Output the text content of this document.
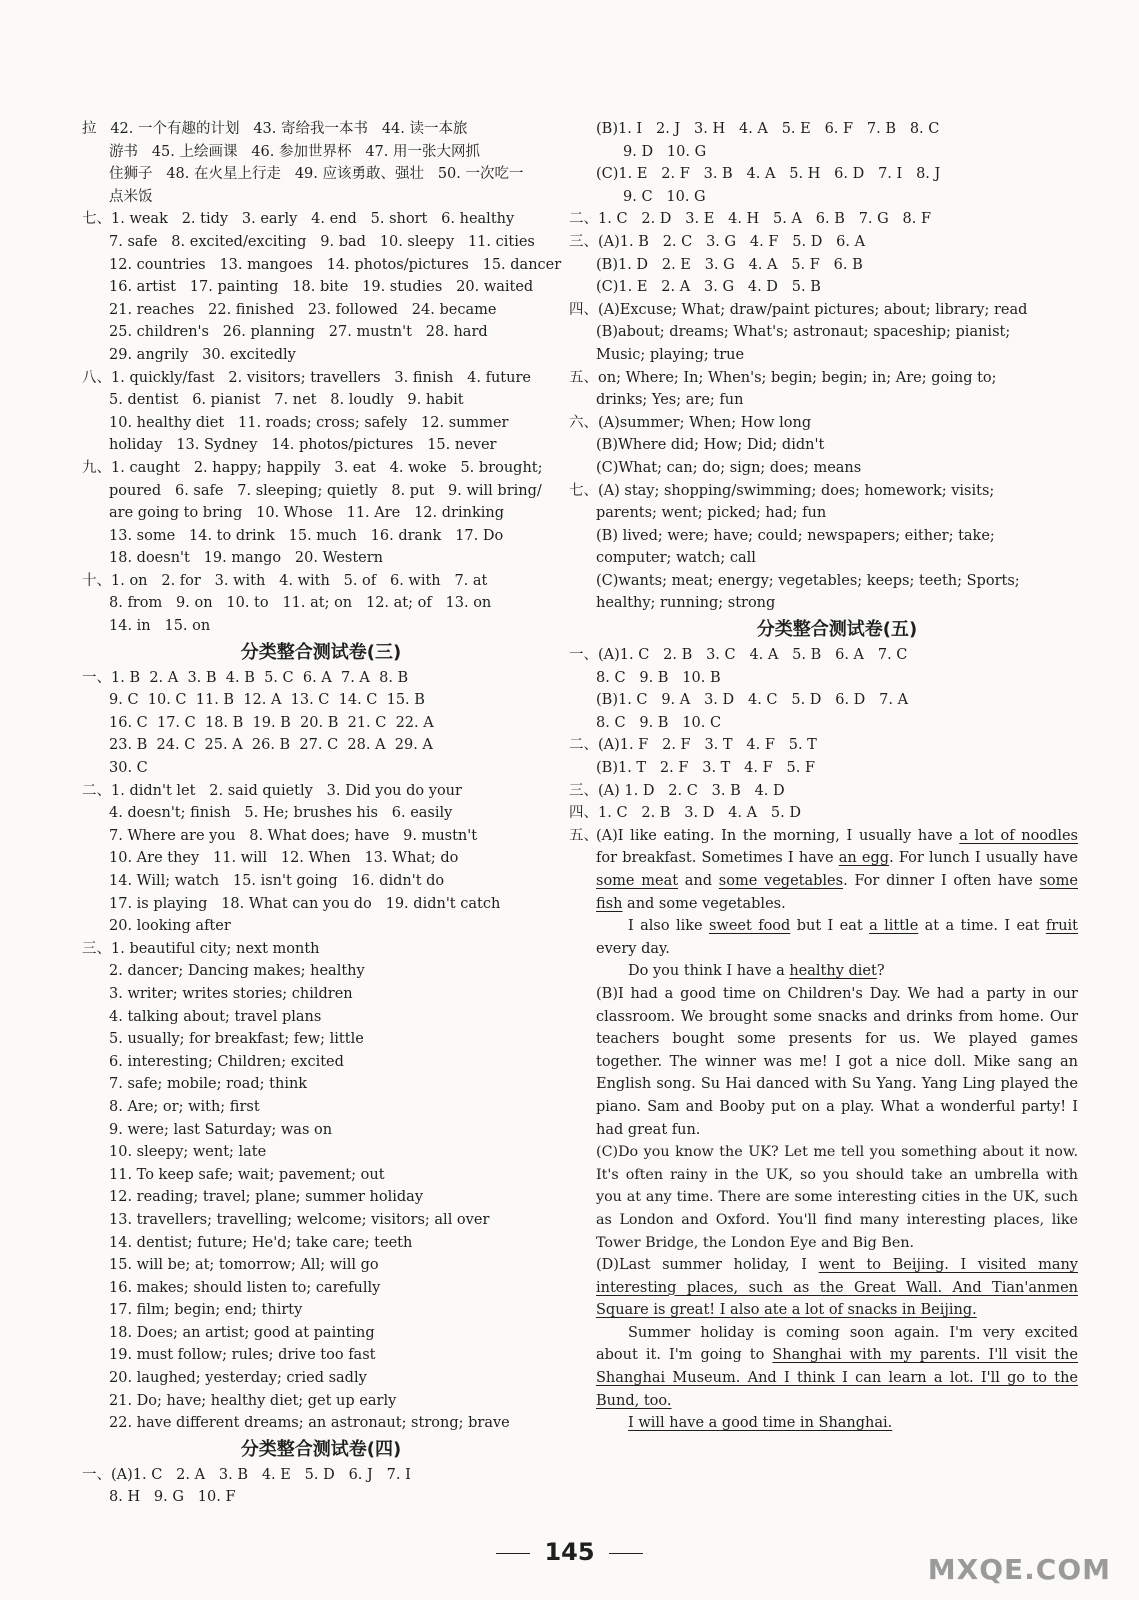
拉   42. 一个有趣的计划   43. 寄给我一本书   44. 读一本旅
游书   45. 上绘画课   46. 参加世界杯   47. 用一张大网抓
住狮子   48. 在火星上行走   49. 应该勇敢、强壮   50. 一次吃一
点米饭
七、1. weak   2. tidy   3. early   4. end   5. short   6. healthy
7. safe   8. excited/exciting   9. bad   10. sleepy   11. cities
12. countries   13. mangoes   14. photos/pictures   15. dancer
16. artist   17. painting   18. bite   19. studies   20. waited
21. reaches   22. finished   23. followed   24. became
25. children's   26. planning   27. mustn't   28. hard
29. angrily   30. excitedly
八、1. quickly/fast   2. visitors; travellers   3. finish   4. future
5. dentist   6. pianist   7. net   8. loudly   9. habit
10. healthy diet   11. roads; cross; safely   12. summer
holiday   13. Sydney   14. photos/pictures   15. never
九、1. caught   2. happy; happily   3. eat   4. woke   5. brought;
poured   6. safe   7. sleeping; quietly   8. put   9. will bring/
are going to bring   10. Whose   11. Are   12. drinking
13. some   14. to drink   15. much   16. drank   17. Do
18. doesn't   19. mango   20. Western
十、1. on   2. for   3. with   4. with   5. of   6. with   7. at
8. from   9. on   10. to   11. at; on   12. at; of   13. on
14. in   15. on
分类整合测试卷(三)
一、1. B  2. A  3. B  4. B  5. C  6. A  7. A  8. B
9. C  10. C  11. B  12. A  13. C  14. C  15. B
16. C  17. C  18. B  19. B  20. B  21. C  22. A
23. B  24. C  25. A  26. B  27. C  28. A  29. A
30. C
二、1. didn't let   2. said quietly   3. Did you do your
4. doesn't; finish   5. He; brushes his   6. easily
7. Where are you   8. What does; have   9. mustn't
10. Are they   11. will   12. When   13. What; do
14. Will; watch   15. isn't going   16. didn't do
17. is playing   18. What can you do   19. didn't catch
20. looking after
三、1. beautiful city; next month
2. dancer; Dancing makes; healthy
3. writer; writes stories; children
4. talking about; travel plans
5. usually; for breakfast; few; little
6. interesting; Children; excited
7. safe; mobile; road; think
8. Are; or; with; first
9. were; last Saturday; was on
10. sleepy; went; late
11. To keep safe; wait; pavement; out
12. reading; travel; plane; summer holiday
13. travellers; travelling; welcome; visitors; all over
14. dentist; future; He'd; take care; teeth
15. will be; at; tomorrow; All; will go
16. makes; should listen to; carefully
17. film; begin; end; thirty
18. Does; an artist; good at painting
19. must follow; rules; drive too fast
20. laughed; yesterday; cried sadly
21. Do; have; healthy diet; get up early
22. have different dreams; an astronaut; strong; brave
分类整合测试卷(四)
一、(A)1. C   2. A   3. B   4. E   5. D   6. J   7. I
8. H   9. G   10. F
(B)1. I   2. J   3. H   4. A   5. E   6. F   7. B   8. C
9. D   10. G
(C)1. E   2. F   3. B   4. A   5. H   6. D   7. I   8. J
9. C   10. G
二、1. C   2. D   3. E   4. H   5. A   6. B   7. G   8. F
三、(A)1. B   2. C   3. G   4. F   5. D   6. A
(B)1. D   2. E   3. G   4. A   5. F   6. B
(C)1. E   2. A   3. G   4. D   5. B
四、(A)Excuse; What; draw/paint pictures; about; library; read
(B)about; dreams; What's; astronaut; spaceship; pianist;
Music; playing; true
五、on; Where; In; When's; begin; begin; in; Are; going to;
drinks; Yes; are; fun
六、(A)summer; When; How long
(B)Where did; How; Did; didn't
(C)What; can; do; sign; does; means
七、(A) stay; shopping/swimming; does; homework; visits;
parents; went; picked; had; fun
(B) lived; were; have; could; newspapers; either; take;
computer; watch; call
(C)wants; meat; energy; vegetables; keeps; teeth; Sports;
healthy; running; strong
分类整合测试卷(五)
一、(A)1. C   2. B   3. C   4. A   5. B   6. A   7. C
8. C   9. B   10. B
(B)1. C   9. A   3. D   4. C   5. D   6. D   7. A
8. C   9. B   10. C
二、(A)1. F   2. F   3. T   4. F   5. T
(B)1. T   2. F   3. T   4. F   5. F
三、(A) 1. D   2. C   3. B   4. D
四、1. C   2. B   3. D   4. A   5. D
五、
(A)I like eating. In the morning, I usually have a lot of noodles for breakfast. Sometimes I have an egg. For lunch I usually have some meat and some vegetables. For dinner I often have some fish and some vegetables.
I also like sweet food but I eat a little at a time. I eat fruit every day.
Do you think I have a healthy diet?
(B)I had a good time on Children's Day. We had a party in our classroom. We brought some snacks and drinks from home. Our teachers bought some presents for us. We played games together. The winner was me! I got a nice doll. Mike sang an English song. Su Hai danced with Su Yang. Yang Ling played the piano. Sam and Booby put on a play. What a wonderful party! I had great fun.
(C)Do you know the UK? Let me tell you something about it now. It's often rainy in the UK, so you should take an umbrella with you at any time. There are some interesting cities in the UK, such as London and Oxford. You'll find many interesting places, like Tower Bridge, the London Eye and Big Ben.
(D)Last summer holiday, I went to Beijing. I visited many interesting places, such as the Great Wall. And Tian'anmen Square is great! I also ate a lot of snacks in Beijing.
Summer holiday is coming soon again. I'm very excited about it. I'm going to Shanghai with my parents. I'll visit the Shanghai Museum. And I think I can learn a lot. I'll go to the Bund, too.
I will have a good time in Shanghai.
145
MXQE.COM
